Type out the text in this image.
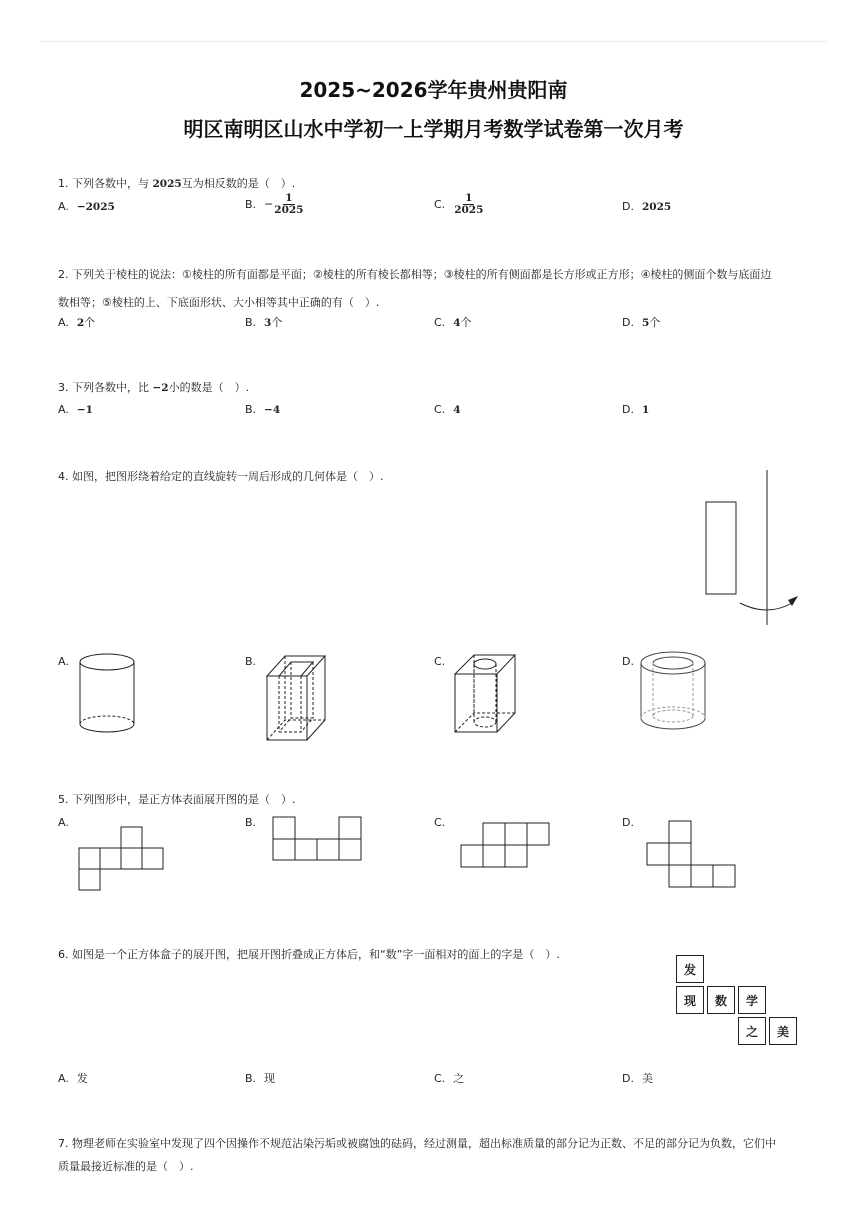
2025~2026学年贵州贵阳南
明区南明区山水中学初一上学期月考数学试卷第一次月考
1. 下列各数中，与 2025互为相反数的是（　）.
A. −2025	B. − $\frac{1}{2025}$	C. $\frac{1}{2025}$	D. 2025
2. 下列关于棱柱的说法：①棱柱的所有面都是平面；②棱柱的所有棱长都相等；③棱柱的所有侧面都是长方形或正方形；④棱柱的侧面个数与底面边
数相等；⑤棱柱的上、下底面形状、大小相等其中正确的有（　）.
A. 2个	B. 3个	C. 4个	D. 5个
3. 下列各数中，比 −2小的数是（　）.
A. −1	B. −4	C. 4	D. 1
4. 如图，把图形绕着给定的直线旋转一周后形成的几何体是（　）.
A.	B.	C.	D.
5. 下列图形中，是正方体表面展开图的是（　）.
A.	B.	C.	D.
6. 如图是一个正方体盒子的展开图，把展开图折叠成正方体后，和“数”字一面相对的面上的字是（　）.
发
现	数	学
之	美
A. 发	B. 现	C. 之	D. 美
7. 物理老师在实验室中发现了四个因操作不规范沾染污垢或被腐蚀的砝码，经过测量，超出标准质量的部分记为正数、不足的部分记为负数，它们中
质量最接近标准的是（　）.
